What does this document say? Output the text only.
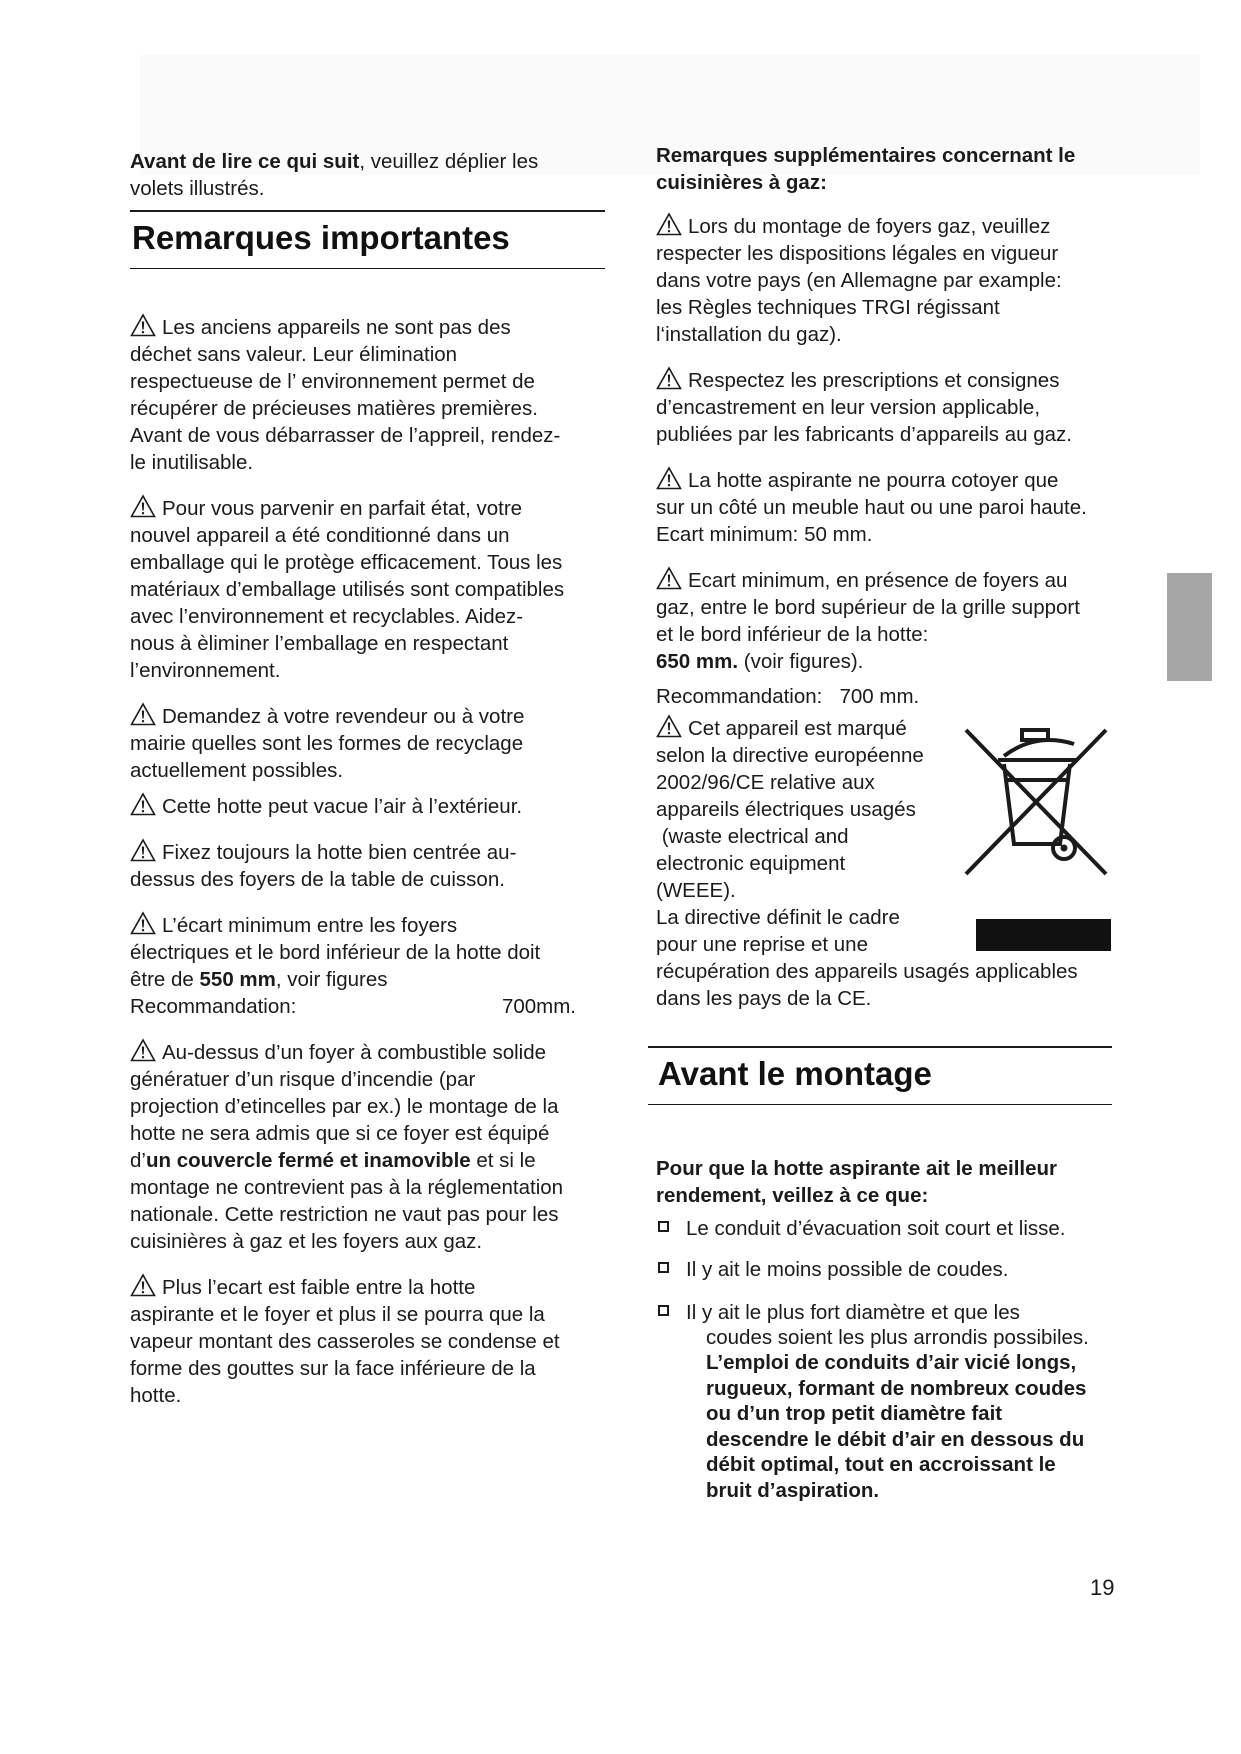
Avant de lire ce qui suit, veuillez déplier les
volets illustrés.

Remarques importantes

Les anciens appareils ne sont pas des
déchet sans valeur. Leur élimination
respectueuse de l’ environnement permet de
récupérer de précieuses matières premières.
Avant de vous débarrasser de l’appreil, rendez-
le inutilisable.

Pour vous parvenir en parfait état, votre
nouvel appareil a été conditionné dans un
emballage qui le protège efficacement. Tous les
matériaux d’emballage utilisés sont compatibles
avec l’environnement et recyclables. Aidez-
nous à èliminer l’emballage en respectant
l’environnement.

Demandez à votre revendeur ou à votre
mairie quelles sont les formes de recyclage
actuellement possibles.

Cette hotte peut vacue l’air à l’extérieur.

Fixez toujours la hotte bien centrée au-
dessus des foyers de la table de cuisson.

L’écart minimum entre les foyers
électriques et le bord inférieur de la hotte doit
être de 550 mm, voir figures

Recommandation:	700mm.

Au-dessus d’un foyer à combustible solide
génératuer d’un risque d’incendie (par
projection d’etincelles par ex.) le montage de la
hotte ne sera admis que si ce foyer est équipé
d’un couvercle fermé et inamovible et si le
montage ne contrevient pas à la réglementation
nationale. Cette restriction ne vaut pas pour les
cuisinières à gaz et les foyers aux gaz.

Plus l’ecart est faible entre la hotte
aspirante et le foyer et plus il se pourra que la
vapeur montant des casseroles se condense et
forme des gouttes sur la face inférieure de la
hotte.

Remarques supplémentaires concernant le
cuisinières à gaz:

Lors du montage de foyers gaz, veuillez
respecter les dispositions légales en vigueur
dans votre pays (en Allemagne par example:
les Règles techniques TRGI régissant
l‘installation du gaz).

Respectez les prescriptions et consignes
d’encastrement en leur version applicable,
publiées par les fabricants d’appareils au gaz.

La hotte aspirante ne pourra cotoyer que
sur un côté un meuble haut ou une paroi haute.
Ecart minimum: 50 mm.

Ecart minimum, en présence de foyers au
gaz, entre le bord supérieur de la grille support
et le bord inférieur de la hotte:
650 mm. (voir figures).

Recommandation: 700 mm.

Cet appareil est marqué
selon la directive européenne
2002/96/CE relative aux
appareils électriques usagés
(waste electrical and
electronic equipment
(WEEE).
La directive définit le cadre
pour une reprise et une
récupération des appareils usagés applicables
dans les pays de la CE.

Avant le montage

Pour que la hotte aspirante ait le meilleur
rendement, veillez à ce que:

Le conduit d’évacuation soit court et lisse.
Il y ait le moins possible de coudes.
Il y ait le plus fort diamètre et que les
coudes soient les plus arrondis possibiles.
L’emploi de conduits d’air vicié longs,
rugueux, formant de nombreux coudes
ou d’un trop petit diamètre fait
descendre le débit d’air en dessous du
débit optimal, tout en accroissant le
bruit d’aspiration.
19
